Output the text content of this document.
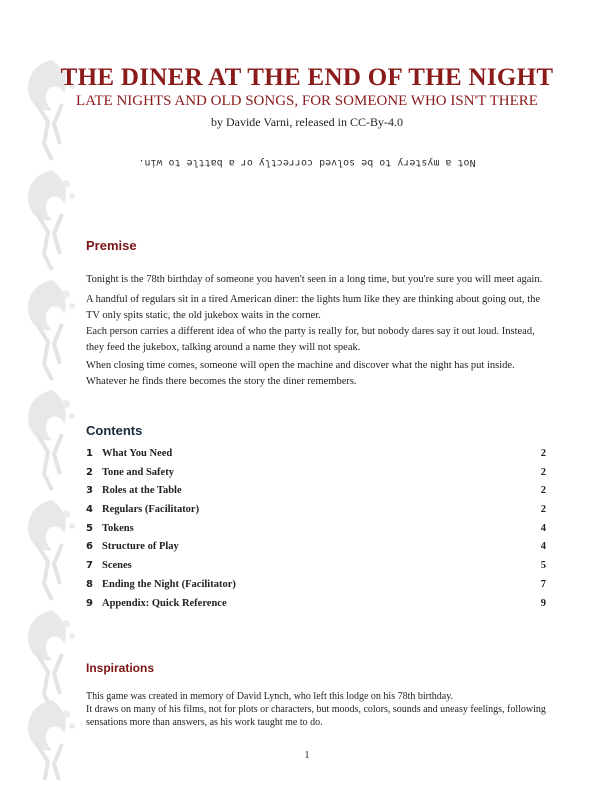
THE DINER AT THE END OF THE NIGHT
LATE NIGHTS AND OLD SONGS, FOR SOMEONE WHO ISN'T THERE
by Davide Varni, released in CC-By-4.0
Not a mystery to be solved correctly or a battle to win.
Premise

Tonight is the 78th birthday of someone you haven't seen in a long time, but you're sure you will meet again.

A handful of regulars sit in a tired American diner: the lights hum like they are thinking about going out, the TV only spits static, the old jukebox waits in the corner.

Each person carries a different idea of who the party is really for, but nobody dares say it out loud. Instead, they feed the jukebox, talking around a name they will not speak.

When closing time comes, someone will open the machine and discover what the night has put inside. Whatever he finds there becomes the story the diner remembers.

Contents
1 What You Need	2
2 Tone and Safety	2
3 Roles at the Table	2
4 Regulars (Facilitator)	2
5 Tokens	4
6 Structure of Play	4
7 Scenes	5
8 Ending the Night (Facilitator)	7
9 Appendix: Quick Reference	9
Inspirations

This game was created in memory of David Lynch, who left this lodge on his 78th birthday.
It draws on many of his films, not for plots or characters, but moods, colors, sounds and uneasy feelings, following sensations more than answers, as his work taught me to do.

1
